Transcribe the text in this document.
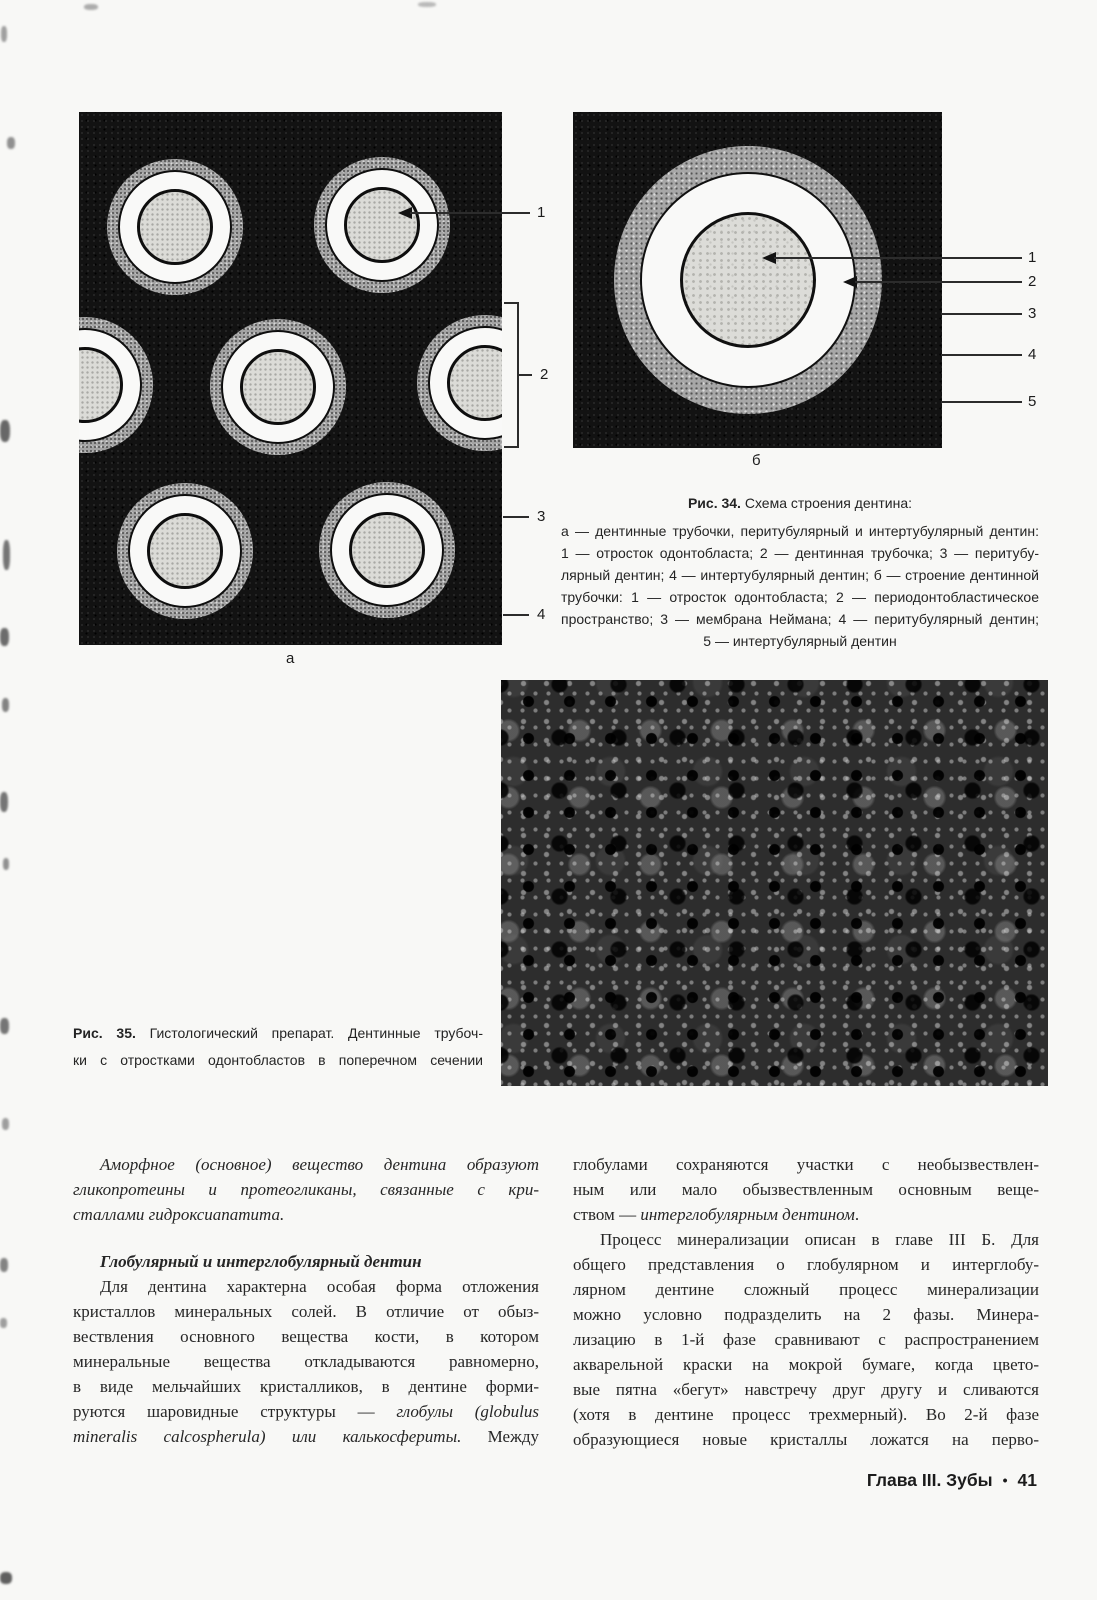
1
2
3
4
а
1
2
3
4
5
б
Рис. 34. Схема строения дентина:
а — дентинные трубочки, перитубулярный и интертубулярный дентин:
1 — отросток одонтобласта; 2 — дентинная трубочка; 3 — перитубу-
лярный дентин; 4 — интертубулярный дентин; б — строение дентинной
трубочки: 1 — отросток одонтобласта; 2 — периодонтобластическое
пространство; 3 — мембрана Неймана; 4 — перитубулярный дентин;
5 — интертубулярный дентин
Рис. 35. Гистологический препарат. Дентинные трубоч-
ки с отростками одонтобластов в поперечном сечении
Аморфное (основное) вещество дентина образуют
гликопротеины и протеогликаны, связанные с кри-
сталлами гидроксиапатита.
Глобулярный и интерглобулярный дентин
Для дентина характерна особая форма отложения
кристаллов минеральных солей. В отличие от обыз-
вествления основного вещества кости, в котором
минеральные вещества откладываются равномерно,
в виде мельчайших кристалликов, в дентине форми-
руются шаровидные структуры — глобулы (globulus
mineralis calcospherula) или калькосфериты. Между
глобулами сохраняются участки с необызвествлен-
ным или мало обызвествленным основным веще-
ством — интерглобулярным дентином.
Процесс минерализации описан в главе III Б. Для
общего представления о глобулярном и интерглобу-
лярном дентине сложный процесс минерализации
можно условно подразделить на 2 фазы. Минера-
лизацию в 1-й фазе сравнивают с распространением
акварельной краски на мокрой бумаге, когда цвето-
вые пятна «бегут» навстречу друг другу и сливаются
(хотя в дентине процесс трехмерный). Во 2-й фазе
образующиеся новые кристаллы ложатся на перво-
Глава III. Зубы • 41
